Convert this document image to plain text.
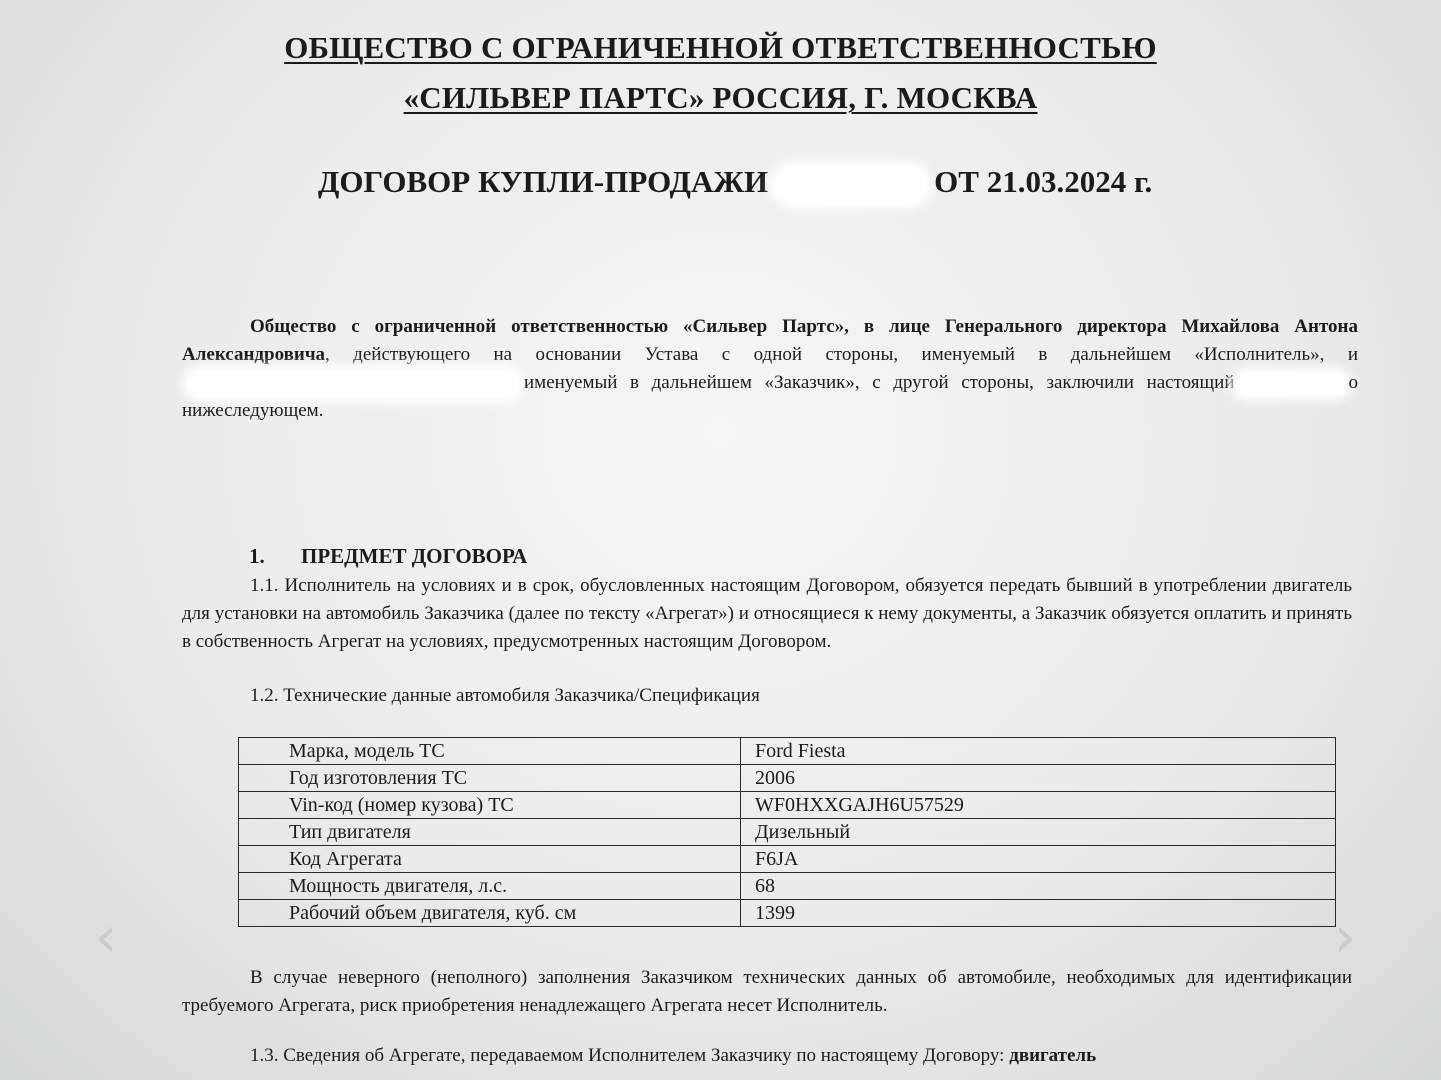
ОБЩЕСТВО С ОГРАНИЧЕННОЙ ОТВЕТСТВЕННОСТЬЮ
«СИЛЬВЕР ПАРТС» РОССИЯ, Г. МОСКВА
ДОГОВОР КУПЛИ-ПРОДАЖИ	ОТ 21.03.2024 г.
Общество с ограниченной ответственностью «Сильвер Партс», в лице Генерального директора Михайлова Антона Александровича, действующего на основании Устава с одной стороны, именуемый в дальнейшем «Исполнитель», иименуемый в дальнейшем «Заказчик», с другой стороны, заключили настоящий	о нижеследующем.
1. ПРЕДМЕТ ДОГОВОРА
1.1. Исполнитель на условиях и в срок, обусловленных настоящим Договором, обязуется передать бывший в употреблении двигатель для установки на автомобиль Заказчика (далее по тексту «Агрегат») и относящиеся к нему документы, а Заказчик обязуется оплатить и принять в собственность Агрегат на условиях, предусмотренных настоящим Договором.
1.2. Технические данные автомобиля Заказчика/Спецификация
Марка, модель ТС	Ford Fiesta
Год изготовления ТС	2006
Vin-код (номер кузова) ТС	WF0HXXGAJH6U57529
Тип двигателя	Дизельный
Код Агрегата	F6JA
Мощность двигателя, л.с.	68
Рабочий объем двигателя, куб. см	1399
В случае неверного (неполного) заполнения Заказчиком технических данных об автомобиле, необходимых для идентификации требуемого Агрегата, риск приобретения ненадлежащего Агрегата несет Исполнитель.
1.3. Сведения об Агрегате, передаваемом Исполнителем Заказчику по настоящему Договору: двигатель
‹	›
